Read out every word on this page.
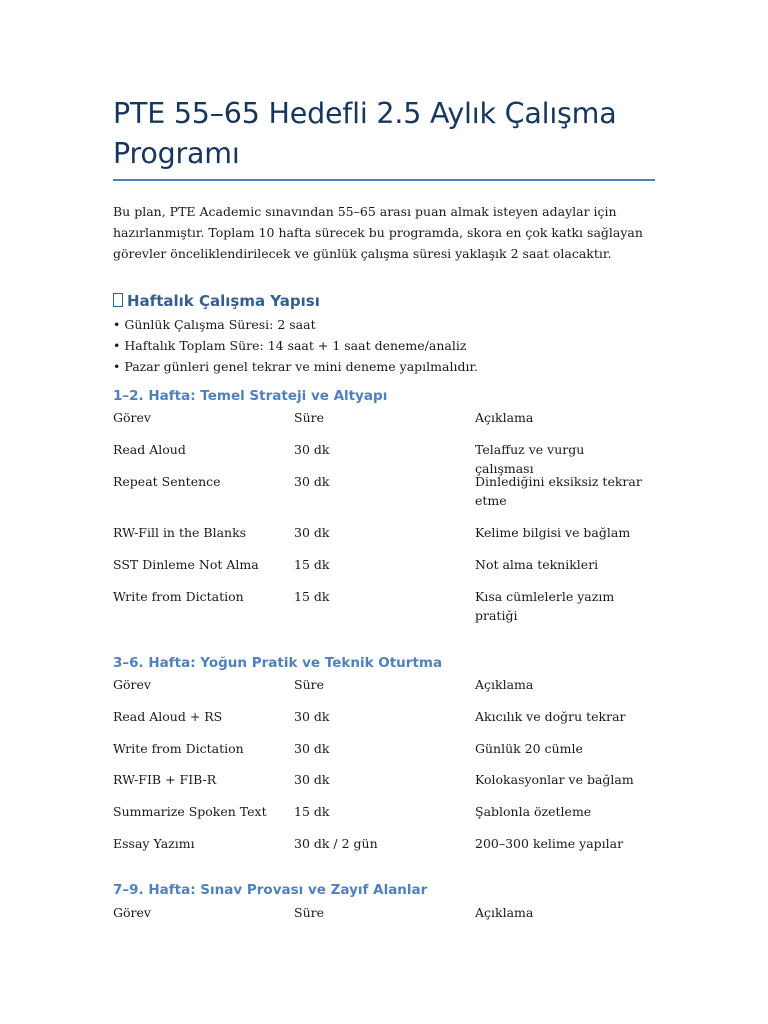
PTE 55–65 Hedefli 2.5 Aylık Çalışma Programı
Bu plan, PTE Academic sınavından 55–65 arası puan almak isteyen adaylar için hazırlanmıştır. Toplam 10 hafta sürecek bu programda, skora en çok katkı sağlayan görevler önceliklendirilecek ve günlük çalışma süresi yaklaşık 2 saat olacaktır.
Haftalık Çalışma Yapısı
• Günlük Çalışma Süresi: 2 saat
• Haftalık Toplam Süre: 14 saat + 1 saat deneme/analiz
• Pazar günleri genel tekrar ve mini deneme yapılmalıdır.
1–2. Hafta: Temel Strateji ve Altyapı
Görev	Süre	Açıklama
Read Aloud	30 dk	Telaffuz ve vurgu çalışması
Repeat Sentence	30 dk	Dinlediğini eksiksiz tekrar etme
RW-Fill in the Blanks	30 dk	Kelime bilgisi ve bağlam
SST Dinleme Not Alma	15 dk	Not alma teknikleri
Write from Dictation	15 dk	Kısa cümlelerle yazım pratiği
3–6. Hafta: Yoğun Pratik ve Teknik Oturtma
Görev	Süre	Açıklama
Read Aloud + RS	30 dk	Akıcılık ve doğru tekrar
Write from Dictation	30 dk	Günlük 20 cümle
RW-FIB + FIB-R	30 dk	Kolokasyonlar ve bağlam
Summarize Spoken Text	15 dk	Şablonla özetleme
Essay Yazımı	30 dk / 2 gün	200–300 kelime yapılar
7–9. Hafta: Sınav Provası ve Zayıf Alanlar
Görev	Süre	Açıklama
